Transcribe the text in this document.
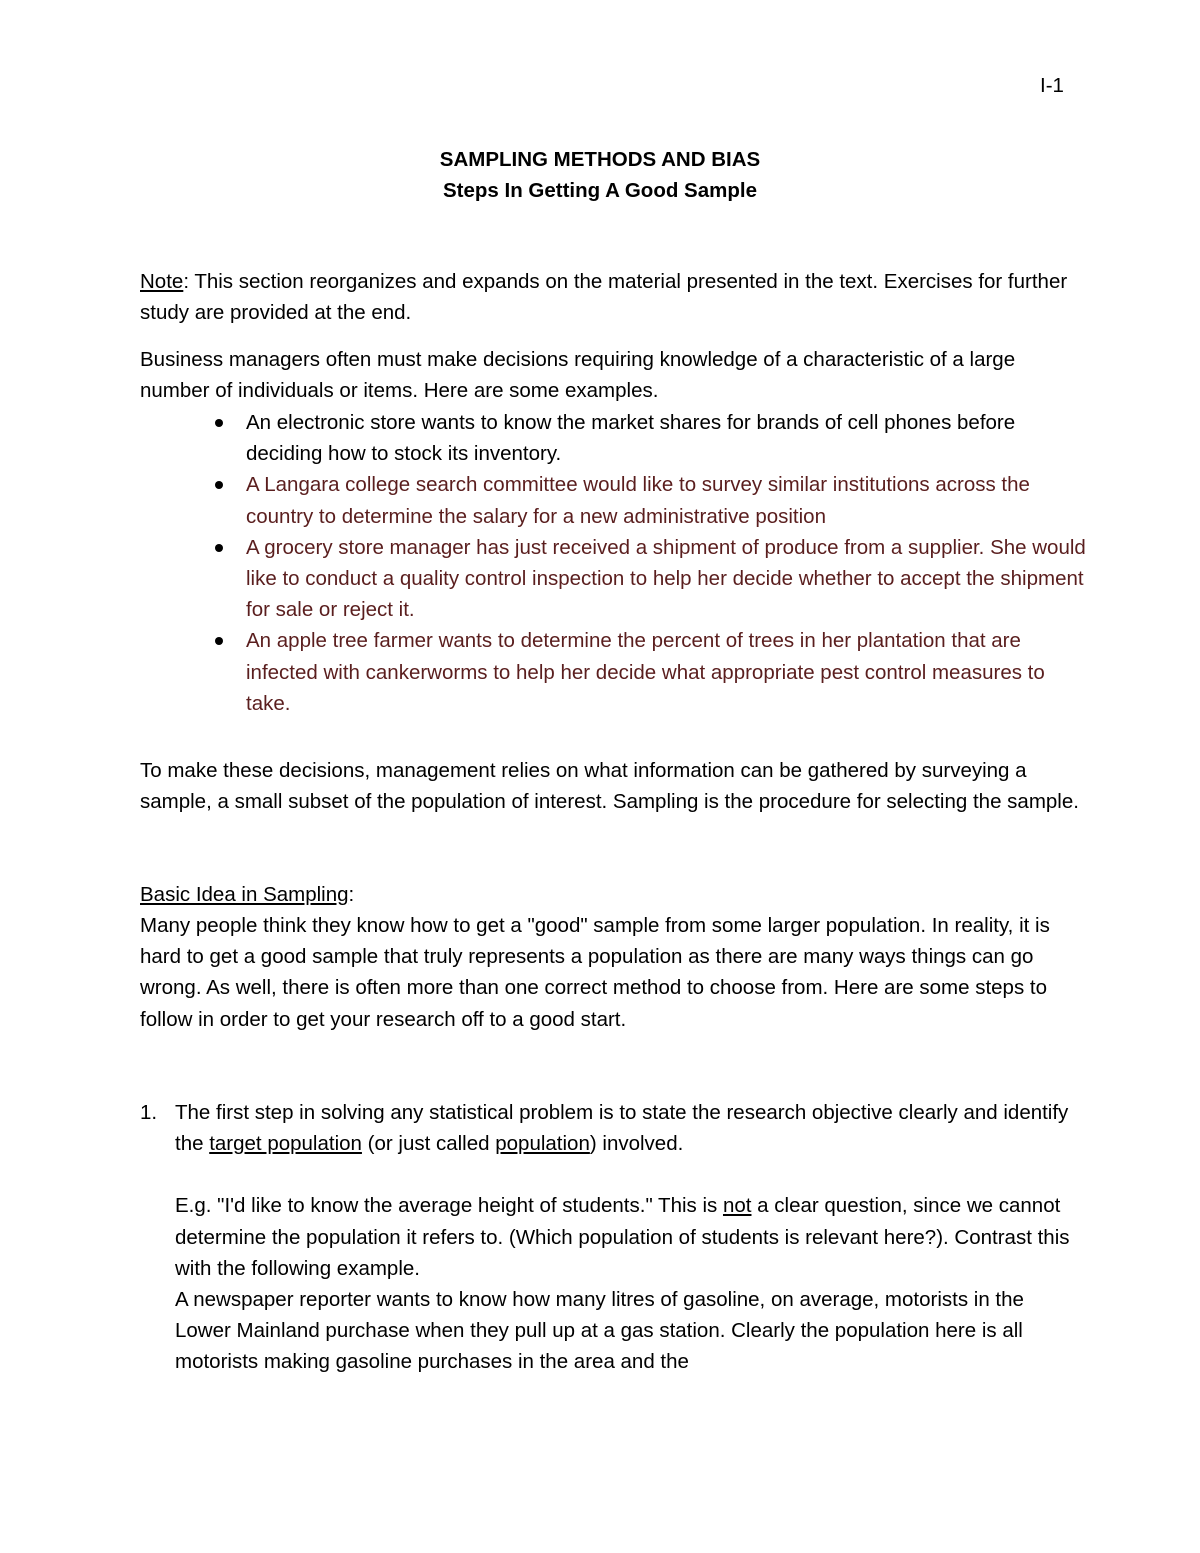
I-1
SAMPLING METHODS AND BIAS
Steps In Getting A Good Sample
Note: This section reorganizes and expands on the material presented in the text. Exercises for further study are provided at the end.
Business managers often must make decisions requiring knowledge of a characteristic of a large number of individuals or items. Here are some examples.
An electronic store wants to know the market shares for brands of cell phones before deciding how to stock its inventory.
A Langara college search committee would like to survey similar institutions across the country to determine the salary for a new administrative position
A grocery store manager has just received a shipment of produce from a supplier. She would like to conduct a quality control inspection to help her decide whether to accept the shipment for sale or reject it.
An apple tree farmer wants to determine the percent of trees in her plantation that are infected with cankerworms to help her decide what appropriate pest control measures to take.
To make these decisions, management relies on what information can be gathered by surveying a sample, a small subset of the population of interest. Sampling is the procedure for selecting the sample.
Basic Idea in Sampling:
Many people think they know how to get a "good" sample from some larger population. In reality, it is hard to get a good sample that truly represents a population as there are many ways things can go wrong. As well, there is often more than one correct method to choose from. Here are some steps to follow in order to get your research off to a good start.
1. The first step in solving any statistical problem is to state the research objective clearly and identify the target population (or just called population) involved.
E.g. "I'd like to know the average height of students." This is not a clear question, since we cannot determine the population it refers to. (Which population of students is relevant here?). Contrast this with the following example.
A newspaper reporter wants to know how many litres of gasoline, on average, motorists in the Lower Mainland purchase when they pull up at a gas station. Clearly the population here is all motorists making gasoline purchases in the area and the
